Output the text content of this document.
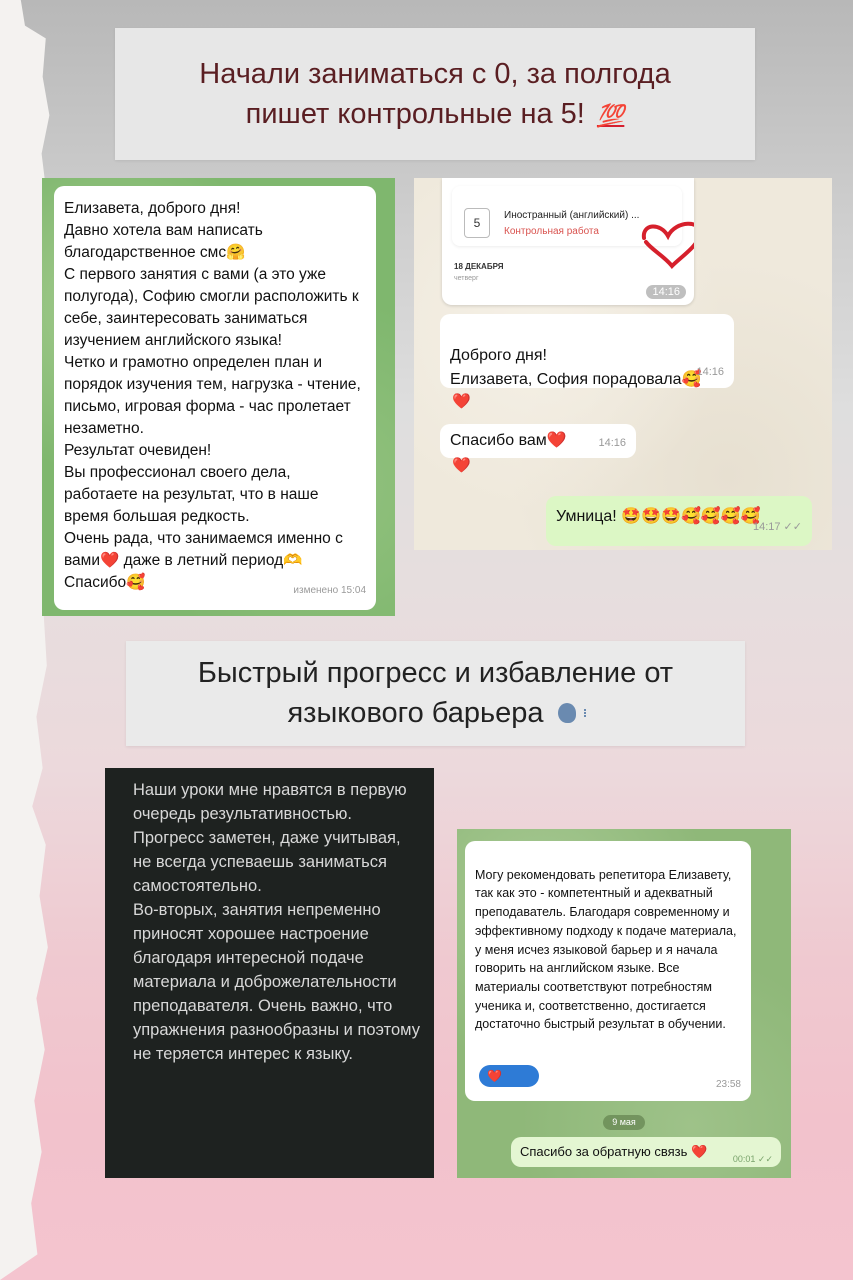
Начали заниматься с 0, за полгода
пишет контрольные на 5! 💯

Елизавета, доброго дня!
Давно хотела вам написать благодарственное смс🤗
С первого занятия с вами (а это уже полугода), Софию смогли расположить к себе, заинтересовать заниматься изучением английского языка!
Четко и грамотно определен план и порядок изучения тем, нагрузка - чтение, письмо, игровая форма - час пролетает незаметно.
Результат очевиден!
Вы профессионал своего дела, работаете на результат, что в наше время большая редкость.
Очень рада, что занимаемся именно с вами❤️ даже в летний период🫶
Спасибо🥰	изменено 15:04
5
Иностранный (английский) ...
Контрольная работа
18 ДЕКАБРЯ
четверг
14:16

Доброго дня!
Елизавета, София порадовала🥰

14:16

❤️
Спасибо вам❤️	14:16
❤️
Умница! 🤩🤩🤩🥰🥰🥰🥰
14:17 ✓✓
Быстрый прогресс и избавление от
языкового барьера
Наши уроки мне нравятся в первую очередь результативностью. Прогресс заметен, даже учитывая, не всегда успеваешь заниматься самостоятельно.
Во-вторых, занятия непременно приносят хорошее настроение благодаря интересной подаче материала и доброжелательности преподавателя. Очень важно, что упражнения разнообразны и поэтому не теряется интерес к языку.

Могу рекомендовать репетитора Елизавету, так как это - компетентный и адекватный преподаватель. Благодаря современному и эффективному подходу к подаче материала, у меня исчез языковой барьер и я начала говорить на английском языке. Все материалы соответствуют потребностям ученика и, соответственно, достигается достаточно быстрый результат в обучении.

❤️

23:58

9 мая
Спасибо за обратную связь ❤️	00:01 ✓✓
